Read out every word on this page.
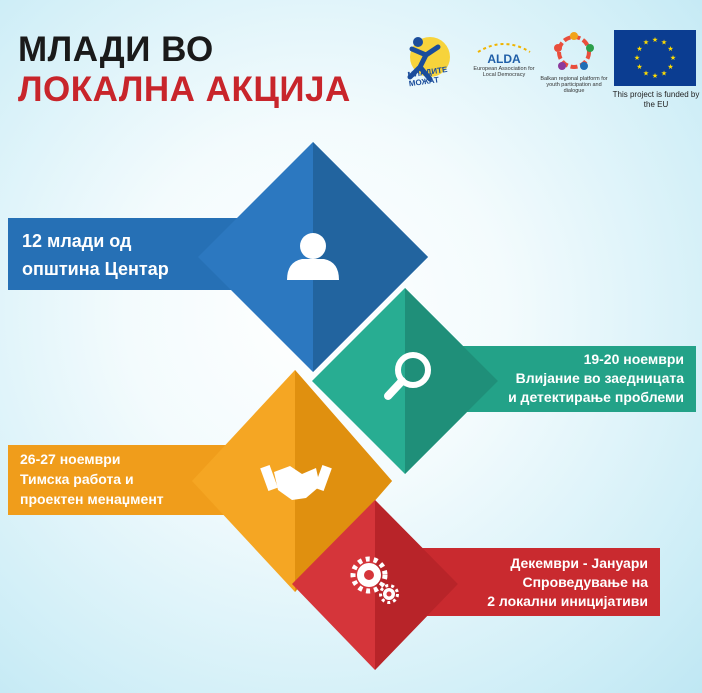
МЛАДИ ВО
ЛОКАЛНА АКЦИЈА	МЛАДИТЕ МОЖАТ
ALDA
European Association for Local Democracy
Balkan regional platform for youth participation and dialogue
★ ★
★
★
★
★
★
★
★
★
★
★
This project is funded by the EU
12 млади од
општина Центар
19-20 ноември
Влијание во заедницата
и детектирање проблеми
26-27 ноември
Тимска работа и
проектен менаџмент
Декември - Јануари
Спроведување на
2 локални иницијативи
